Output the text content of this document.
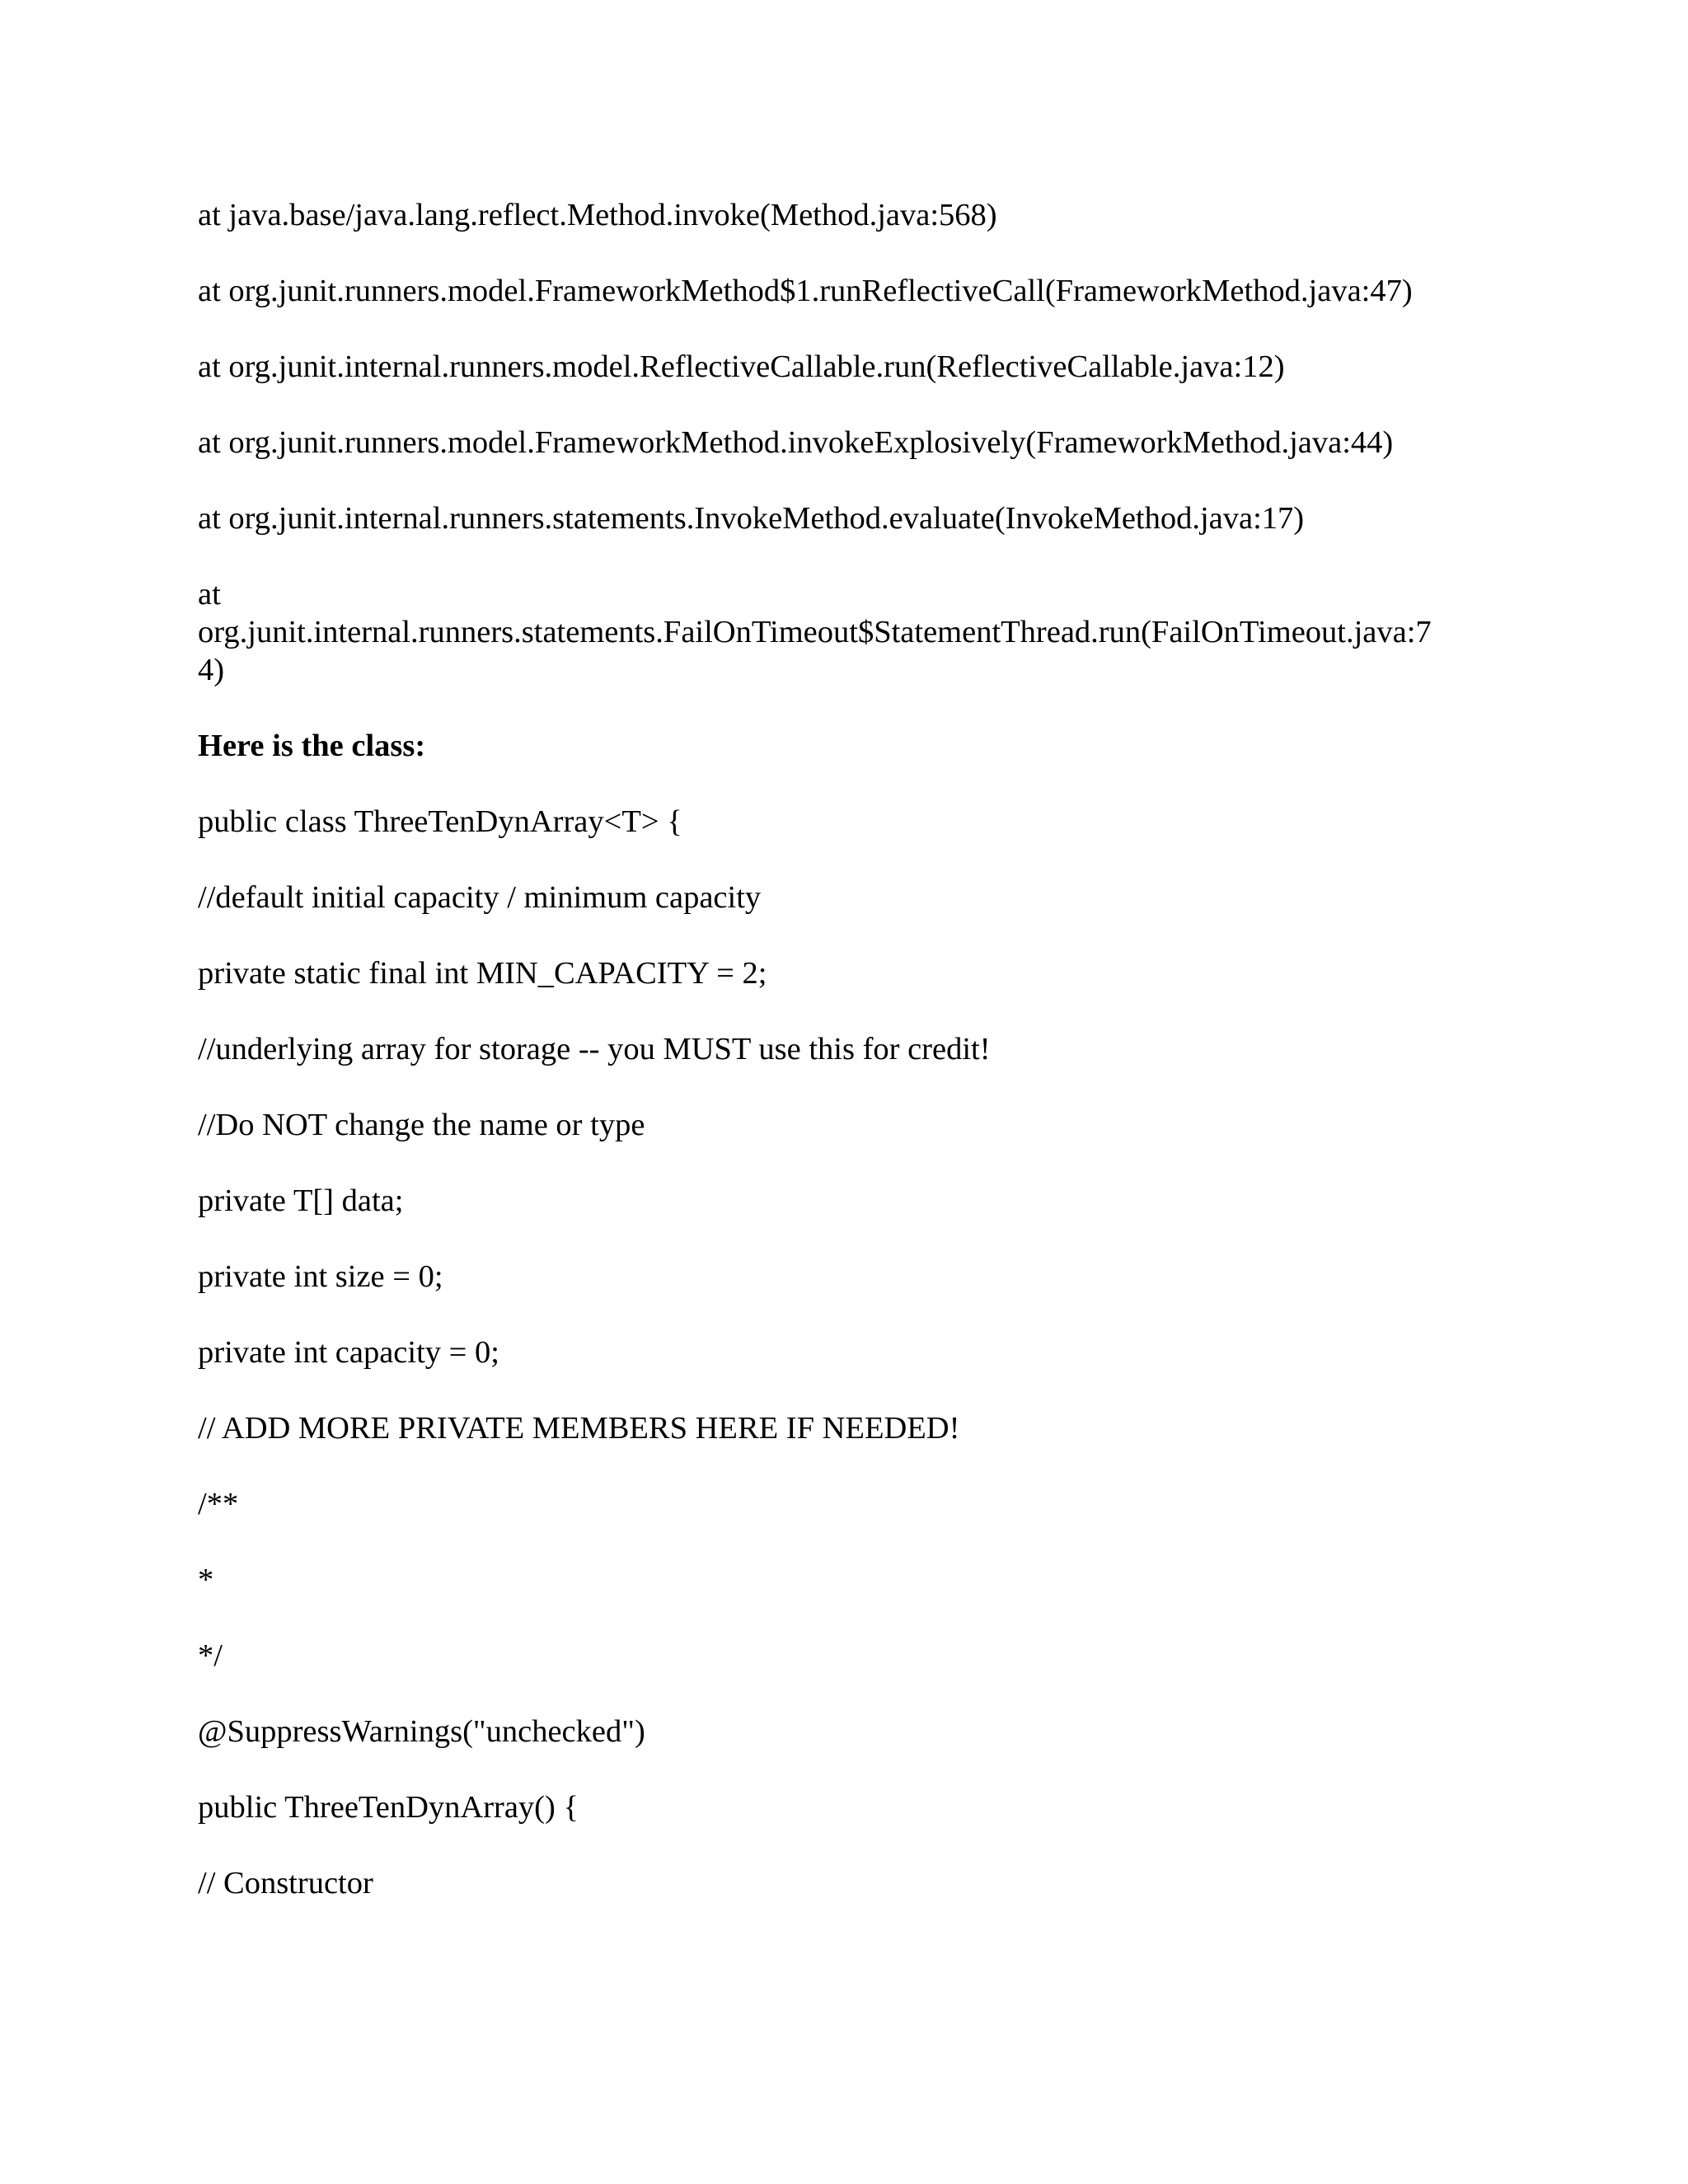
at java.base/java.lang.reflect.Method.invoke(Method.java:568)

at org.junit.runners.model.FrameworkMethod$1.runReflectiveCall(FrameworkMethod.java:47)

at org.junit.internal.runners.model.ReflectiveCallable.run(ReflectiveCallable.java:12)

at org.junit.runners.model.FrameworkMethod.invokeExplosively(FrameworkMethod.java:44)

at org.junit.internal.runners.statements.InvokeMethod.evaluate(InvokeMethod.java:17)

at

org.junit.internal.runners.statements.FailOnTimeout$StatementThread.run(FailOnTimeout.java:7

4)

Here is the class:

public class ThreeTenDynArray<T> {

//default initial capacity / minimum capacity

private static final int MIN_CAPACITY = 2;

//underlying array for storage -- you MUST use this for credit!

//Do NOT change the name or type

private T[] data;

private int size = 0;

private int capacity = 0;

// ADD MORE PRIVATE MEMBERS HERE IF NEEDED!

/**

*

*/

@SuppressWarnings("unchecked")

public ThreeTenDynArray() {

// Constructor
